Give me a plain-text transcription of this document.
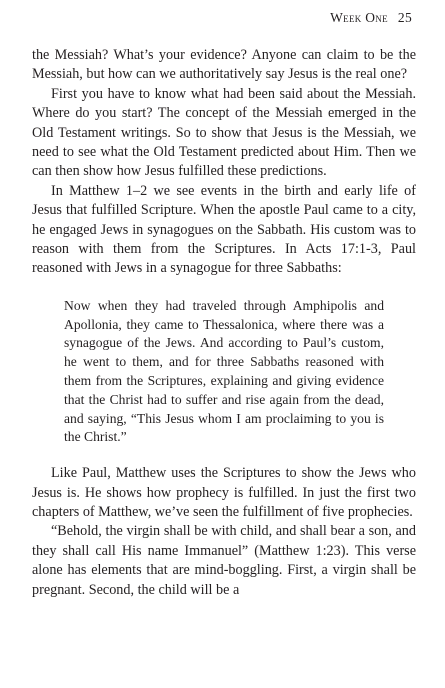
Week One 25

the Messiah? What’s your evidence? Anyone can claim to be the Messiah, but how can we authoritatively say Jesus is the real one?

First you have to know what had been said about the Messiah. Where do you start? The concept of the Messiah emerged in the Old Testament writings. So to show that Jesus is the Messiah, we need to see what the Old Testament predicted about Him. Then we can then show how Jesus fulfilled these predictions.

In Matthew 1–2 we see events in the birth and early life of Jesus that fulfilled Scripture. When the apostle Paul came to a city, he engaged Jews in synagogues on the Sabbath. His custom was to reason with them from the Scriptures. In Acts 17:1-3, Paul reasoned with Jews in a synagogue for three Sabbaths:

Now when they had traveled through Amphipolis and Apollonia, they came to Thessalonica, where there was a synagogue of the Jews. And according to Paul’s custom, he went to them, and for three Sabbaths reasoned with them from the Scriptures, explaining and giving evidence that the Christ had to suffer and rise again from the dead, and saying, “This Jesus whom I am proclaiming to you is the Christ.”

Like Paul, Matthew uses the Scriptures to show the Jews who Jesus is. He shows how prophecy is fulfilled. In just the first two chapters of Matthew, we’ve seen the fulfillment of five prophecies.

“Behold, the virgin shall be with child, and shall bear a son, and they shall call His name Immanuel” (Matthew 1:23). This verse alone has elements that are mind-boggling. First, a virgin shall be pregnant. Second, the child will be a
